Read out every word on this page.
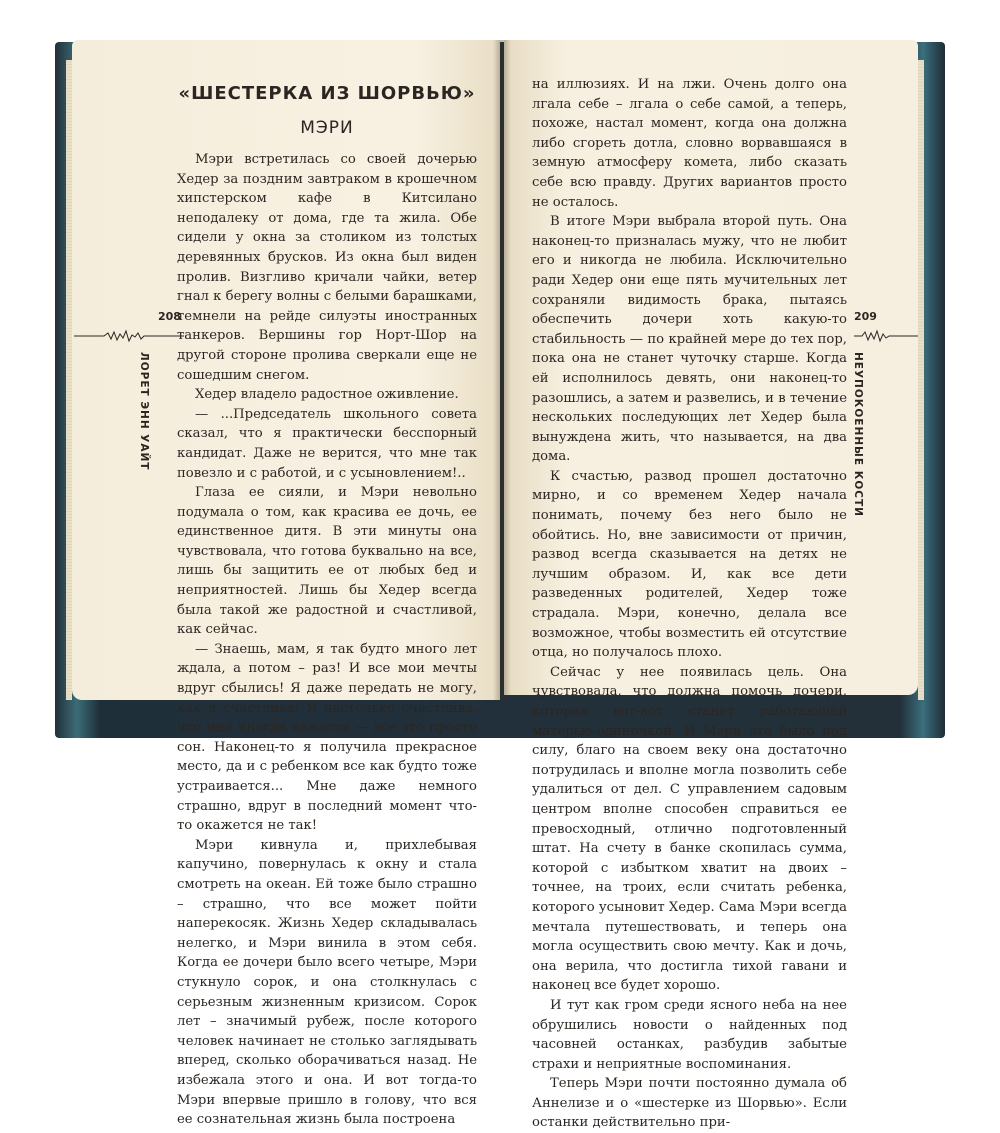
«ШЕСТЕРКА ИЗ ШОРВЬЮ»
МЭРИ
208
ЛОРЕТ ЭНН УАЙТ

Мэри встретилась со своей дочерью Хедер за поздним завтраком в крошечном хипстерском кафе в Китсилано неподалеку от дома, где та жила. Обе сидели у окна за столиком из толстых деревянных брусков. Из окна был виден пролив. Визгливо кричали чайки, ветер гнал к берегу волны с белыми барашками, темнели на рейде силуэты иностранных танкеров. Вершины гор Норт-Шор на другой стороне пролива сверкали еще не сошедшим снегом.

Хедер владело радостное оживление.

— ...Председатель школьного совета сказал, что я практически бесспорный кандидат. Даже не верится, что мне так повезло и с работой, и с усыновлением!..

Глаза ее сияли, и Мэри невольно подумала о том, как красива ее дочь, ее единственное дитя. В эти минуты она чувствовала, что готова буквально на все, лишь бы защитить ее от любых бед и неприятностей. Лишь бы Хедер всегда была такой же радостной и счастливой, как сейчас.

— Знаешь, мам, я так будто много лет ждала, а потом – раз! И все мои мечты вдруг сбылись! Я даже передать не могу, как я счастлива! Я настолько счастлива, что мне иногда кажется — все это просто сон. Наконец-то я получила прекрасное место, да и с ребенком все как будто тоже устраивается... Мне даже немного страшно, вдруг в последний момент что-то окажется не так!

Мэри кивнула и, прихлебывая капучино, повернулась к окну и стала смотреть на океан. Ей тоже было страшно – страшно, что все может пойти наперекосяк. Жизнь Хедер складывалась нелегко, и Мэри винила в этом себя. Когда ее дочери было всего четыре, Мэри стукнуло сорок, и она столкнулась с серьезным жизненным кризисом. Сорок лет – значимый рубеж, после которого человек начинает не столько заглядывать вперед, сколько оборачиваться назад. Не избежала этого и она. И вот тогда-то Мэри впервые пришло в голову, что вся ее сознательная жизнь была построена

на иллюзиях. И на лжи. Очень долго она лгала себе – лгала о себе самой, а теперь, похоже, настал момент, когда она должна либо сгореть дотла, словно ворвавшаяся в земную атмосферу комета, либо сказать себе всю правду. Других вариантов просто не осталось.

В итоге Мэри выбрала второй путь. Она наконец-то призналась мужу, что не любит его и никогда не любила. Исключительно ради Хедер они еще пять мучительных лет сохраняли видимость брака, пытаясь обеспечить дочери хоть какую-то стабильность — по крайней мере до тех пор, пока она не станет чуточку старше. Когда ей исполнилось девять, они наконец-то разошлись, а затем и развелись, и в течение нескольких последующих лет Хедер была вынуждена жить, что называется, на два дома.

К счастью, развод прошел достаточно мирно, и со временем Хедер начала понимать, почему без него было не обойтись. Но, вне зависимости от причин, развод всегда сказывается на детях не лучшим образом. И, как все дети разведенных родителей, Хедер тоже страдала. Мэри, конечно, делала все возможное, чтобы возместить ей отсутствие отца, но получалось плохо.

Сейчас у нее появилась цель. Она чувствовала, что должна помочь дочери, которая вот-вот станет работающей матерью-одиночкой. И Мэри это было под силу, благо на своем веку она достаточно потрудилась и вполне могла позволить себе удалиться от дел. С управлением садовым центром вполне способен справиться ее превосходный, отлично подготовленный штат. На счету в банке скопилась сумма, которой с избытком хватит на двоих – точнее, на троих, если считать ребенка, которого усыновит Хедер. Сама Мэри всегда мечтала путешествовать, и теперь она могла осуществить свою мечту. Как и дочь, она верила, что достигла тихой гавани и наконец все будет хорошо.

И тут как гром среди ясного неба на нее обрушились новости о найденных под часовней останках, разбудив забытые страхи и неприятные воспоминания.

Теперь Мэри почти постоянно думала об Аннелизе и о «шестерке из Шорвью». Если останки действительно при-

209
НЕУПОКОЕННЫЕ КОСТИ
